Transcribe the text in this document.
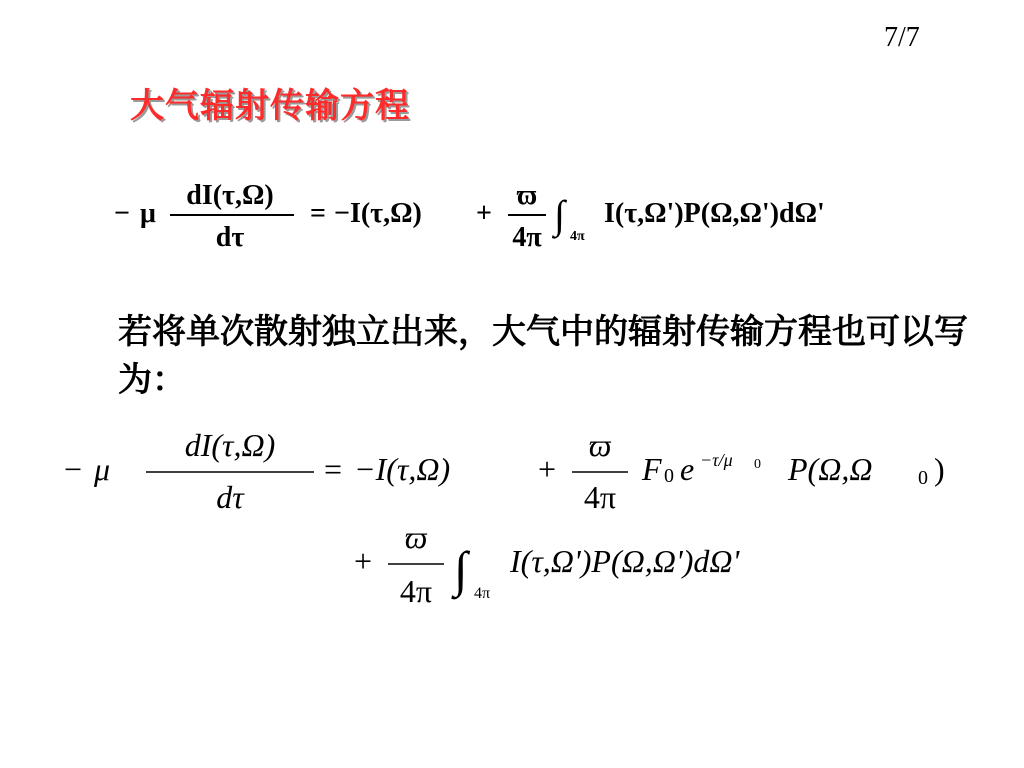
7/7
大气辐射传输方程
− μ
dI(τ,Ω)
dτ
= −I(τ,Ω) +
ϖ
4π
∫ 4π
I(τ,Ω')P(Ω,Ω')dΩ'
若将单次散射独立出来，大气中的辐射传输方程也可以写为：
− μ
dI(τ,Ω)
dτ
= −I(τ,Ω)	+
ϖ
4π
F 0 e −τ/μ 0 P(Ω,Ω 0 )
+
ϖ
4π ∫ 4π
I(τ,Ω')P(Ω,Ω')dΩ'
